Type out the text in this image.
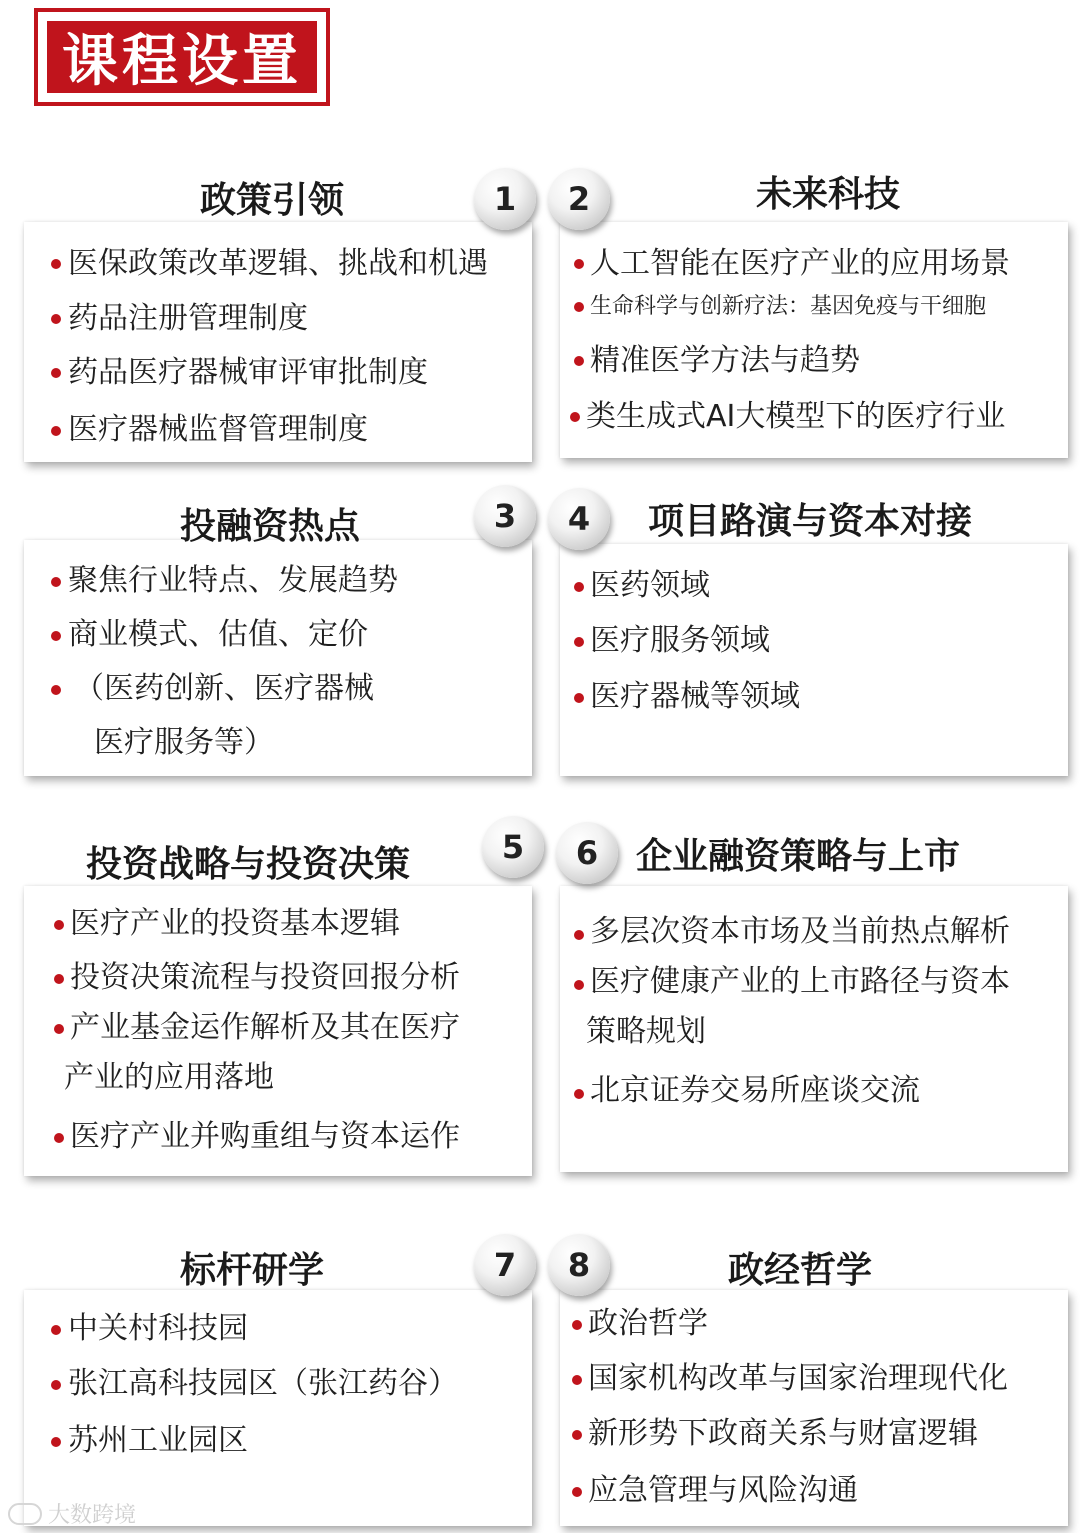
课程设置
政策引领	未来科技
投融资热点	项目路演与资本对接
投资战略与投资决策	企业融资策略与上市
标杆研学	政经哲学
1	2
3	4
5	6
7	8
医保政策改革逻辑、挑战和机遇
药品注册管理制度
药品医疗器械审评审批制度
医疗器械监督管理制度
人工智能在医疗产业的应用场景
生命科学与创新疗法：基因免疫与干细胞
精准医学方法与趋势
类生成式AI大模型下的医疗行业
聚焦行业特点、发展趋势
商业模式、估值、定价
（医药创新、医疗器械
医疗服务等）
医药领域
医疗服务领域
医疗器械等领域
医疗产业的投资基本逻辑
投资决策流程与投资回报分析
产业基金运作解析及其在医疗
产业的应用落地
医疗产业并购重组与资本运作
多层次资本市场及当前热点解析
医疗健康产业的上市路径与资本
策略规划
北京证券交易所座谈交流
中关村科技园
张江高科技园区（张江药谷）
苏州工业园区
政治哲学
国家机构改革与国家治理现代化
新形势下政商关系与财富逻辑
应急管理与风险沟通
大数跨境
